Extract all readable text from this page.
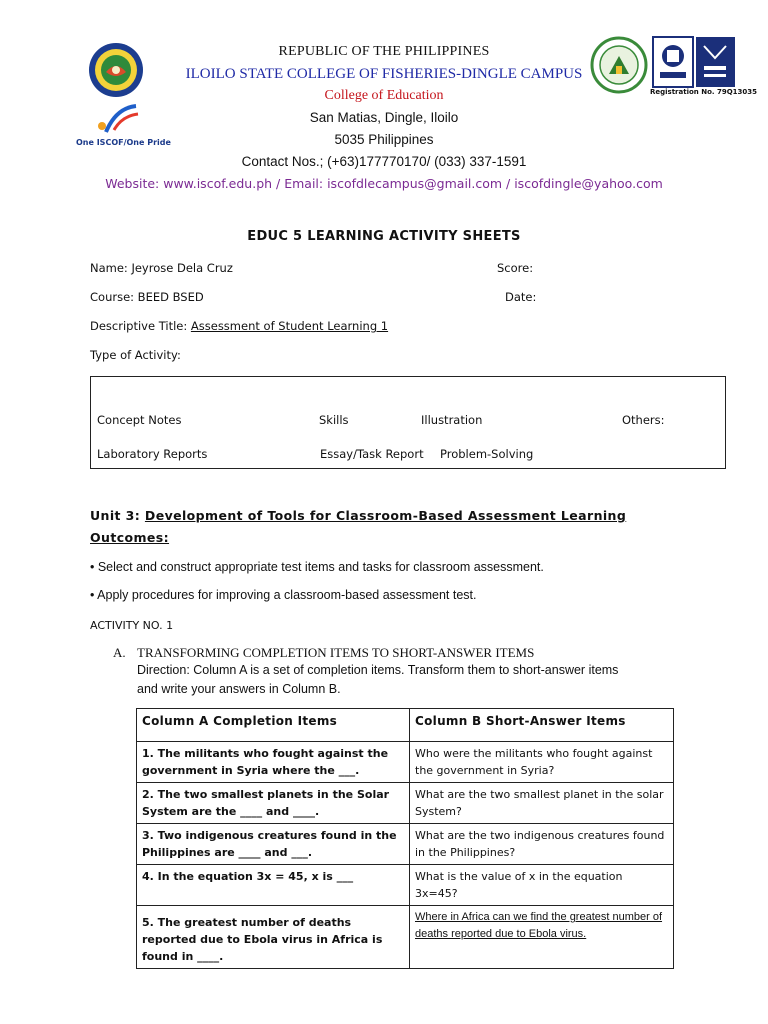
One ISCOF/One Pride
Registration No. 79Q13035
REPUBLIC OF THE PHILIPPINES
ILOILO STATE COLLEGE OF FISHERIES-DINGLE CAMPUS
College of Education
San Matias, Dingle, Iloilo
5035 Philippines
Contact Nos.; (+63)177770170/ (033) 337-1591
Website: www.iscof.edu.ph / Email: iscofdlecampus@gmail.com / iscofdingle@yahoo.com
EDUC 5 LEARNING ACTIVITY SHEETS
Name: Jeyrose Dela Cruz	Score:
Course: BEED BSED	Date:
Descriptive Title: Assessment of Student Learning 1
Type of Activity:
Concept Notes	Skills	Illustration	Others:
Laboratory Reports	Essay/Task Report Problem-Solving
Unit 3: Development of Tools for Classroom-Based Assessment Learning Outcomes:
• Select and construct appropriate test items and tasks for classroom assessment.
• Apply procedures for improving a classroom-based assessment test.
ACTIVITY NO. 1
A. TRANSFORMING COMPLETION ITEMS TO SHORT-ANSWER ITEMS
Direction: Column A is a set of completion items. Transform them to short-answer items
and write your answers in Column B.
Column A Completion Items	Column B Short-Answer Items
1. The militants who fought against the government in Syria where the ___.	Who were the militants who fought against the government in Syria?
2. The two smallest planets in the Solar System are the ____ and ____.	What are the two smallest planet in the solar System?
3. Two indigenous creatures found in the Philippines are ____ and ___.	What are the two indigenous creatures found in the Philippines?
4. In the equation 3x = 45, x is ___	What is the value of x in the equation 3x=45?
5. The greatest number of deaths reported due to Ebola virus in Africa is found in ____.	Where in Africa can we find the greatest number of deaths reported due to Ebola virus.
